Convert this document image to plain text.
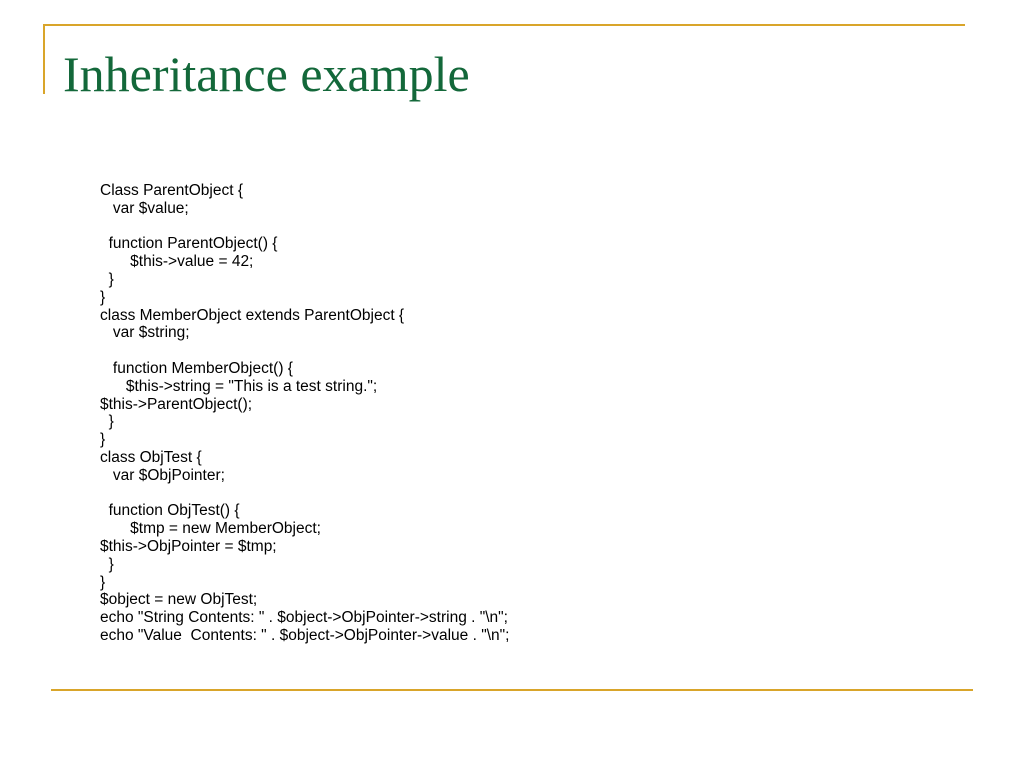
Inheritance example
Class ParentObject {
var $value;

function ParentObject() {
$this->value = 42;
}
}
class MemberObject extends ParentObject {
var $string;

function MemberObject() {
$this->string = "This is a test string.";
$this->ParentObject();
}
}
class ObjTest {
var $ObjPointer;

function ObjTest() {
$tmp = new MemberObject;
$this->ObjPointer = $tmp;
}
}
$object = new ObjTest;
echo "String Contents: " . $object->ObjPointer->string . "\n";
echo "Value  Contents: " . $object->ObjPointer->value . "\n";
